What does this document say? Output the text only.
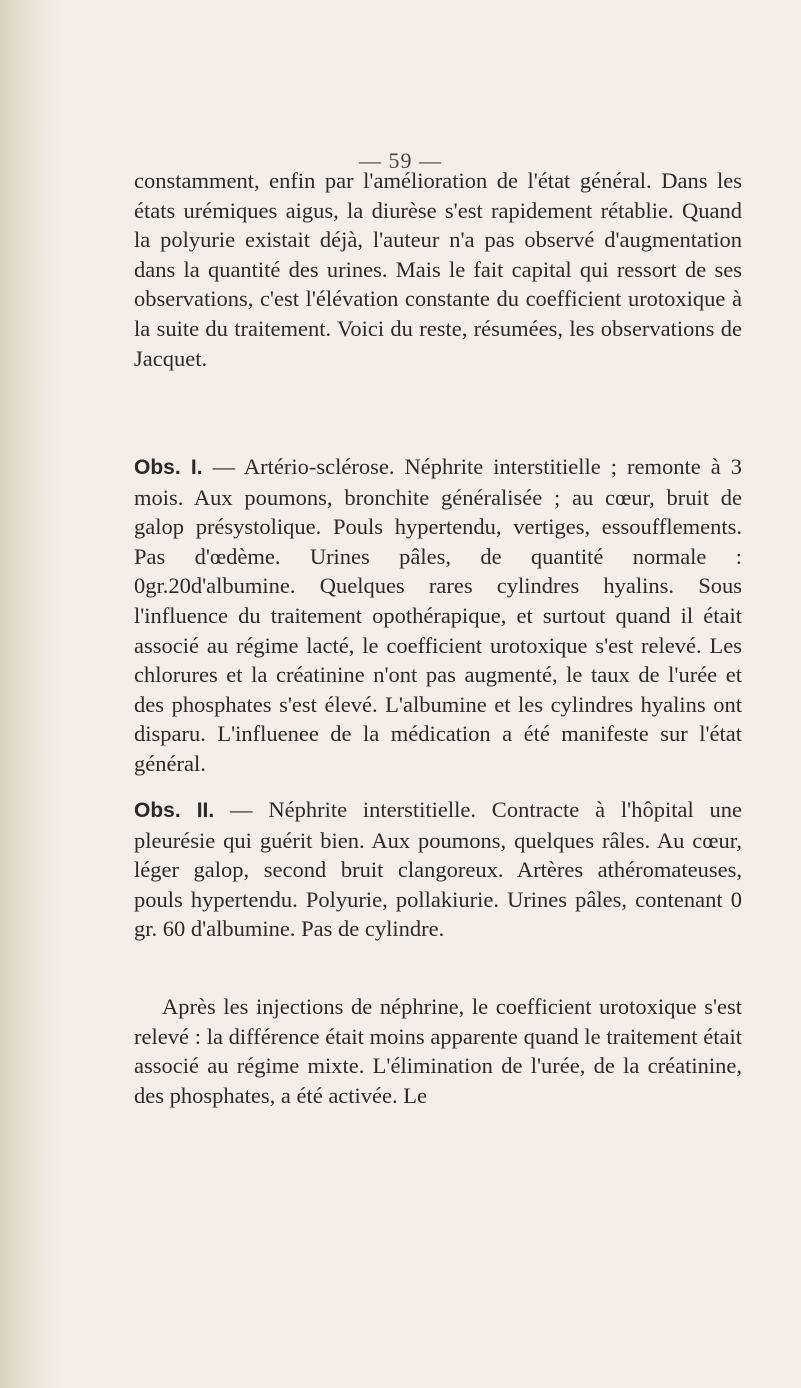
— 59 —

constamment, enfin par l'amélioration de l'état général. Dans les états urémiques aigus, la diurèse s'est rapidement rétablie. Quand la polyurie existait déjà, l'auteur n'a pas observé d'augmentation dans la quantité des urines. Mais le fait capital qui ressort de ses observations, c'est l'élévation constante du coefficient urotoxique à la suite du traitement. Voici du reste, résumées, les observations de Jacquet.

Obs. I. — Artério-sclérose. Néphrite interstitielle ; remonte à 3 mois. Aux poumons, bronchite généralisée ; au cœur, bruit de galop présystolique. Pouls hypertendu, vertiges, essoufflements. Pas d'œdème. Urines pâles, de quantité normale : 0gr.20d'albumine. Quelques rares cylindres hyalins. Sous l'influence du traitement opothérapique, et surtout quand il était associé au régime lacté, le coefficient urotoxique s'est relevé. Les chlorures et la créatinine n'ont pas augmenté, le taux de l'urée et des phosphates s'est élevé. L'albumine et les cylindres hyalins ont disparu. L'influenee de la médication a été manifeste sur l'état général.

Obs. II. — Néphrite interstitielle. Contracte à l'hôpital une pleurésie qui guérit bien. Aux poumons, quelques râles. Au cœur, léger galop, second bruit clangoreux. Artères athéromateuses, pouls hypertendu. Polyurie, pollakiurie. Urines pâles, contenant 0 gr. 60 d'albumine. Pas de cylindre.

Après les injections de néphrine, le coefficient urotoxique s'est relevé : la différence était moins apparente quand le traitement était associé au régime mixte. L'élimination de l'urée, de la créatinine, des phosphates, a été activée. Le
